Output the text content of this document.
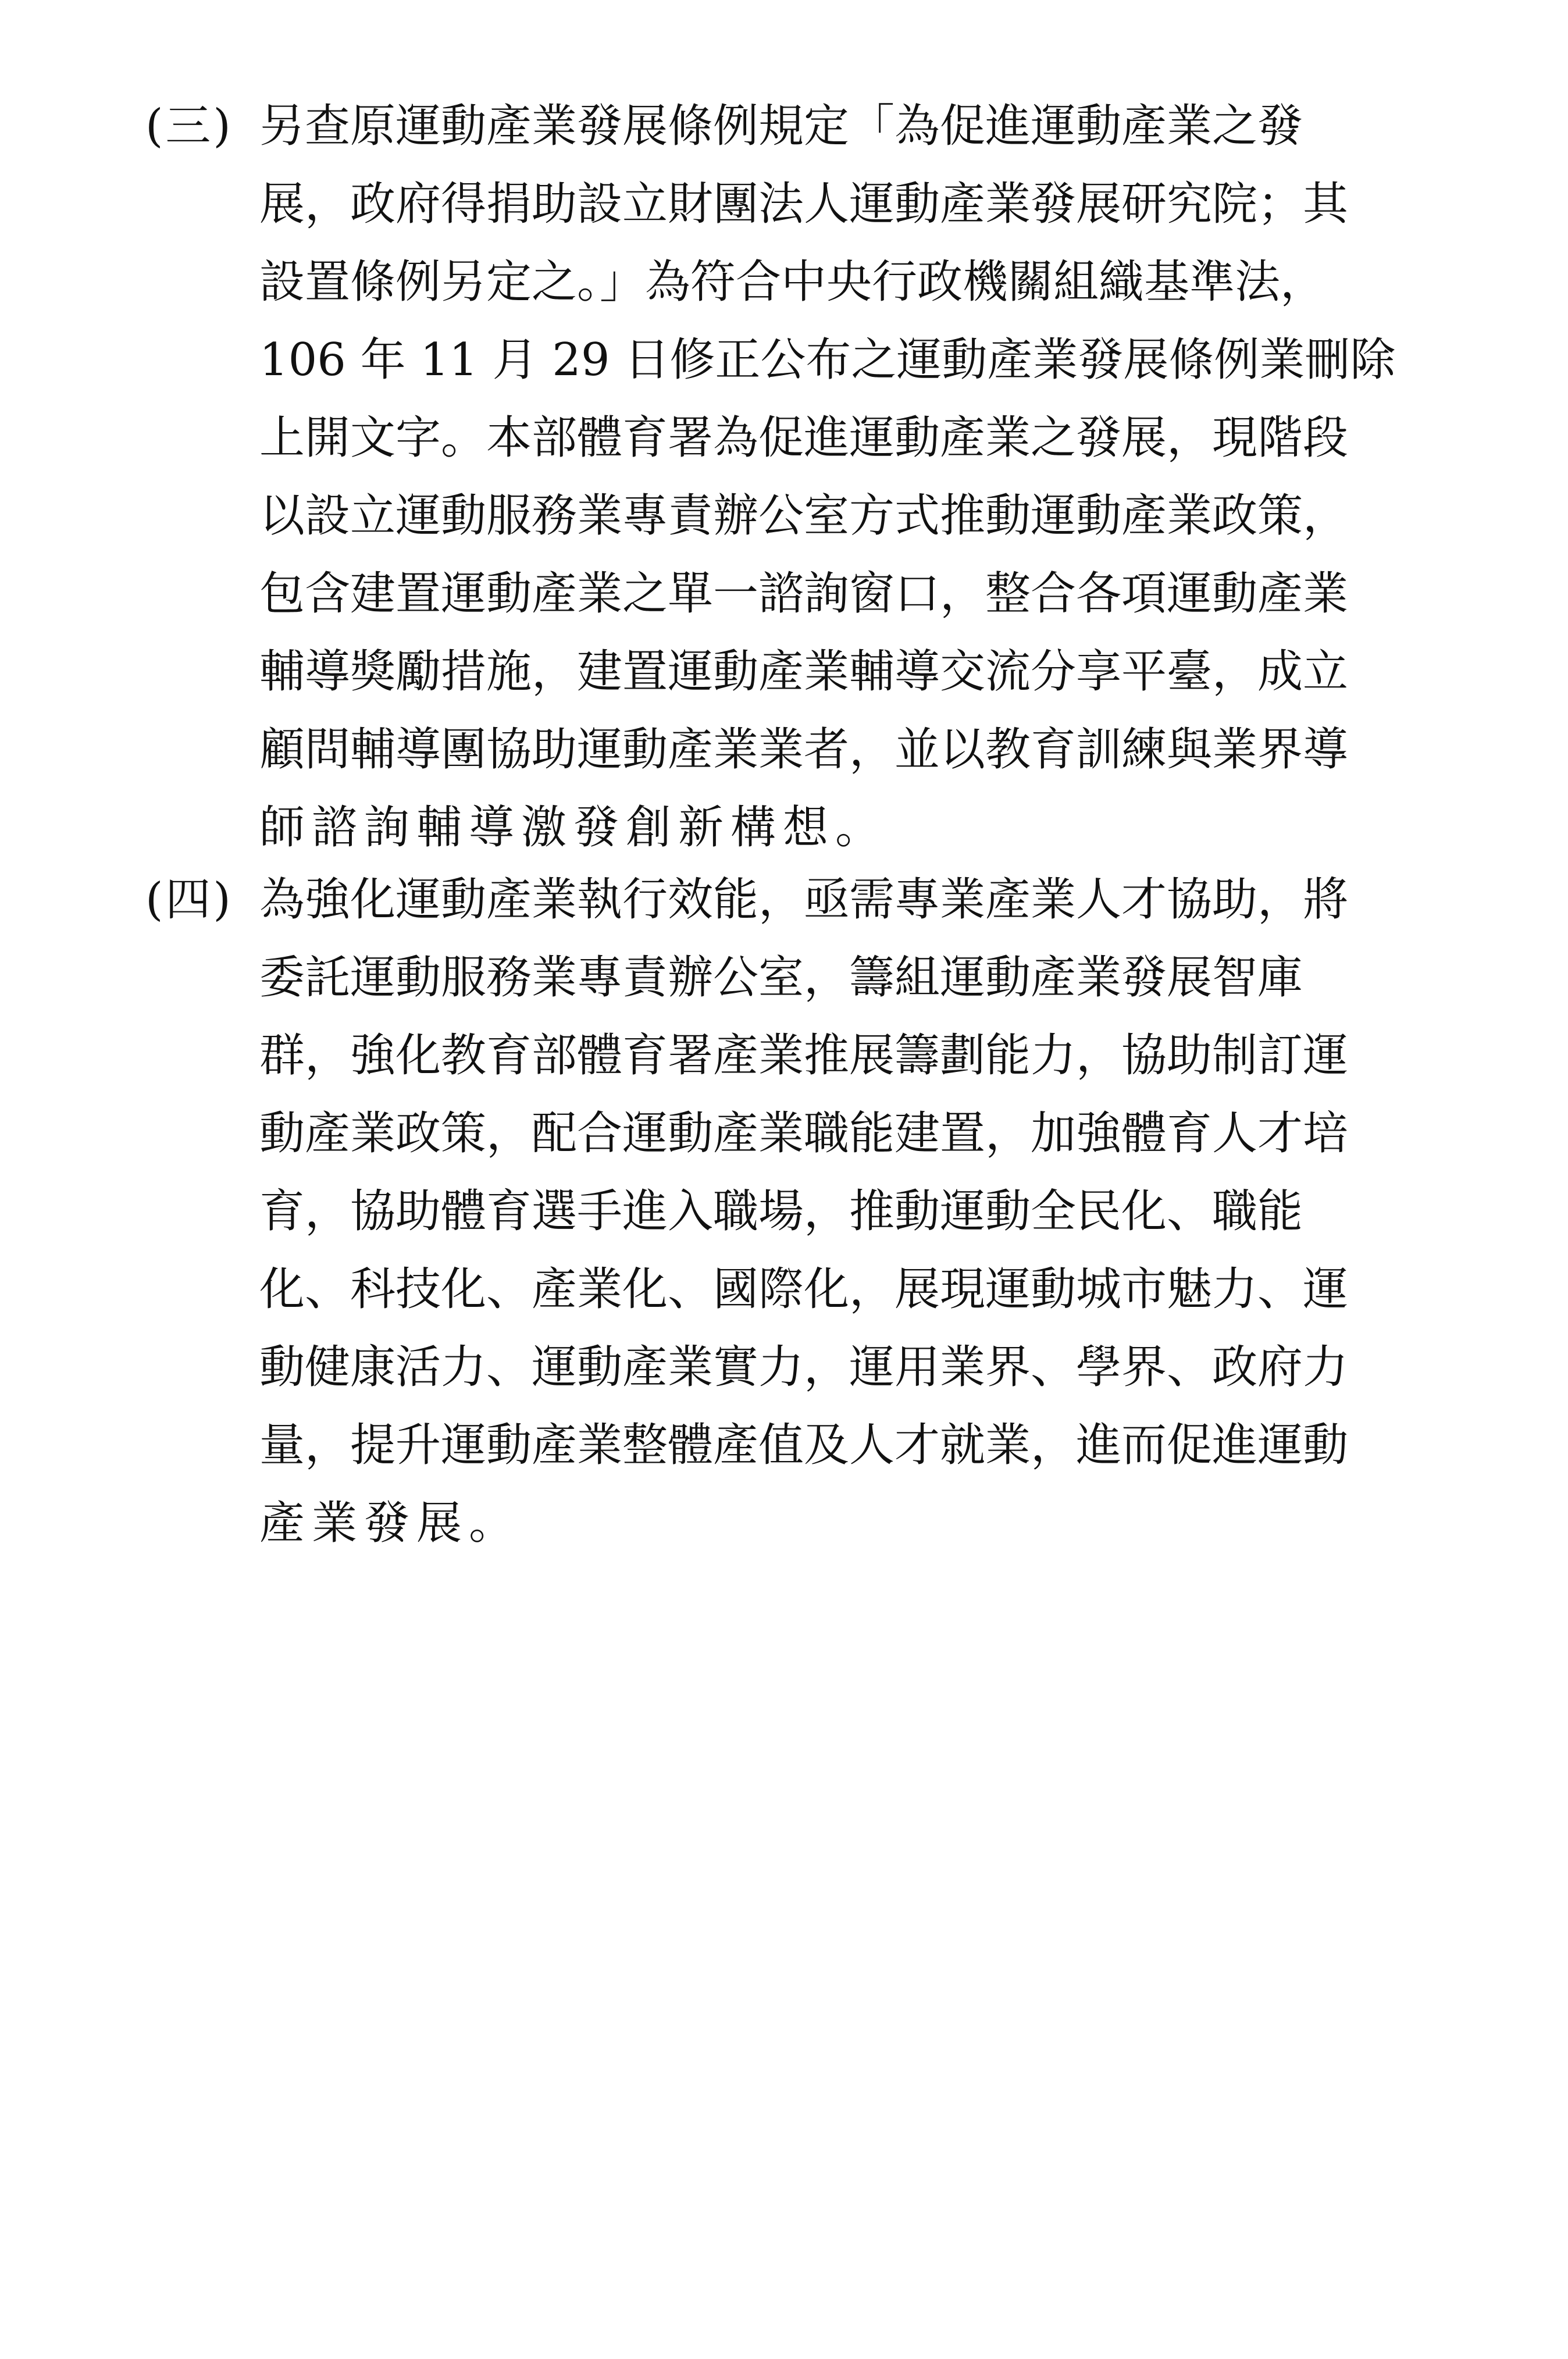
(三) 另查原運動產業發展條例規定「為促進運動產業之發
展，政府得捐助設立財團法人運動產業發展研究院；其
設置條例另定之。」為符合中央行政機關組織基準法，
106 年 11 月 29 日修正公布之運動產業發展條例業刪除
上開文字。本部體育署為促進運動產業之發展，現階段
以設立運動服務業專責辦公室方式推動運動產業政策，
包含建置運動產業之單一諮詢窗口，整合各項運動產業
輔導獎勵措施，建置運動產業輔導交流分享平臺，成立
顧問輔導團協助運動產業業者，並以教育訓練與業界導
師諮詢輔導激發創新構想。
(四) 為強化運動產業執行效能，亟需專業產業人才協助，將
委託運動服務業專責辦公室，籌組運動產業發展智庫
群，強化教育部體育署產業推展籌劃能力，協助制訂運
動產業政策，配合運動產業職能建置，加強體育人才培
育，協助體育選手進入職場，推動運動全民化、職能
化、科技化、產業化、國際化，展現運動城市魅力、運
動健康活力、運動產業實力，運用業界、學界、政府力
量，提升運動產業整體產值及人才就業，進而促進運動
產業發展。
